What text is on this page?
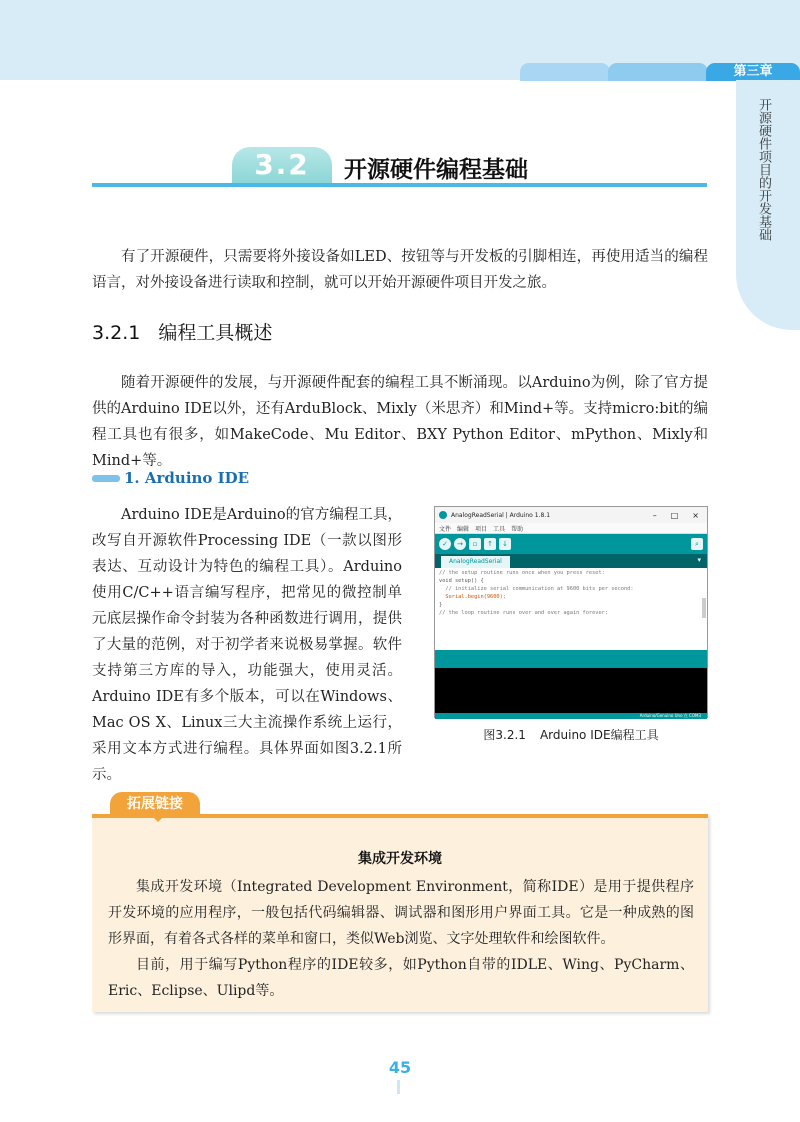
第三章
开源硬件项目的开发基础
3.2	开源硬件编程基础

有了开源硬件，只需要将外接设备如LED、按钮等与开发板的引脚相连，再使用适当的编程语言，对外接设备进行读取和控制，就可以开始开源硬件项目开发之旅。

3.2.1 编程工具概述

随着开源硬件的发展，与开源硬件配套的编程工具不断涌现。以Arduino为例，除了官方提供的Arduino IDE以外，还有ArduBlock、Mixly（米思齐）和Mind+等。支持micro:bit的编程工具也有很多，如MakeCode、Mu Editor、BXY Python Editor、mPython、Mixly和Mind+等。

1. Arduino IDE

Arduino IDE是Arduino的官方编程工具，改写自开源软件Processing IDE（一款以图形表达、互动设计为特色的编程工具）。Arduino使用C/C++语言编写程序，把常见的微控制单元底层操作命令封装为各种函数进行调用，提供了大量的范例，对于初学者来说极易掌握。软件支持第三方库的导入，功能强大，使用灵活。Arduino IDE有多个版本，可以在Windows、Mac OS X、Linux三大主流操作系统上运行，采用文本方式进行编程。具体界面如图3.2.1所示。

AnalogReadSerial | Arduino 1.8.1	– □ ×
文件 编辑 项目 工具 帮助
✓	→	▫	↑	↓	⌕
AnalogReadSerial	▾
// the setup routine runs once when you press reset:
void setup() {
// initialize serial communication at 9600 bits per second:
Serial.begin(9600);
}
// the loop routine runs over and over again forever:
Arduino/Genuino Uno 在 COM3
图3.2.1 Arduino IDE编程工具
拓展链接
集成开发环境

集成开发环境（Integrated Development Environment，简称IDE）是用于提供程序开发环境的应用程序，一般包括代码编辑器、调试器和图形用户界面工具。它是一种成熟的图形界面，有着各式各样的菜单和窗口，类似Web浏览、文字处理软件和绘图软件。

目前，用于编写Python程序的IDE较多，如Python自带的IDLE、Wing、PyCharm、Eric、Eclipse、Ulipd等。

45
